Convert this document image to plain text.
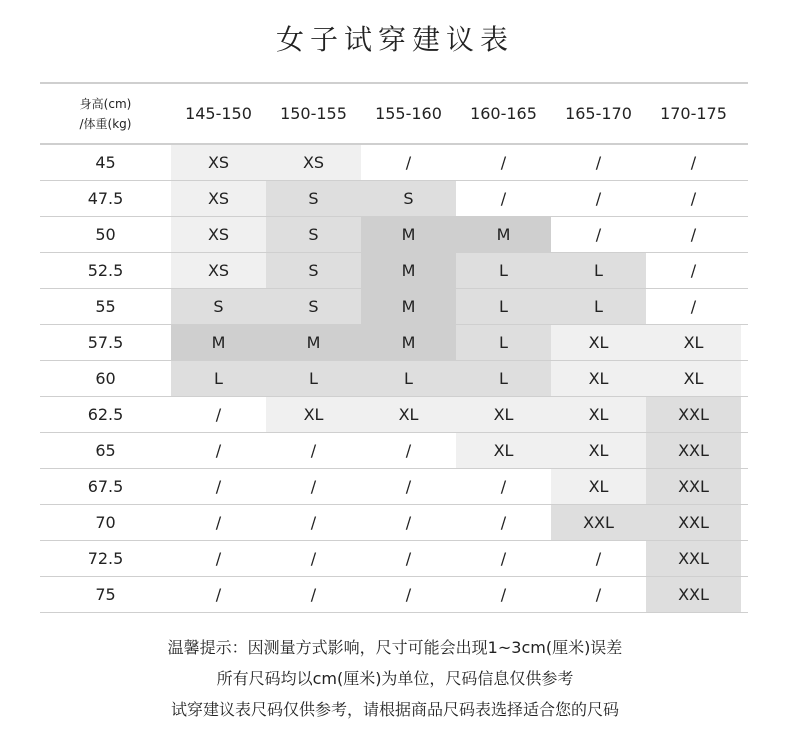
女子试穿建议表
身高(cm)
/体重(kg)
145-150	150-155	155-160	160-165	165-170	170-175
45	XS	XS	/	/	/	/
47.5	XS	S	S	/	/	/
50	XS	S	M	M	/	/
52.5	XS	S	M	L	L	/
55	S	S	M	L	L	/
57.5	M	M	M	L	XL	XL
60	L	L	L	L	XL	XL
62.5	/	XL	XL	XL	XL	XXL
65	/	/	/	XL	XL	XXL
67.5	/	/	/	/	XL	XXL
70	/	/	/	/	XXL	XXL
72.5	/	/	/	/	/	XXL
75	/	/	/	/	/	XXL
温馨提示：因测量方式影响，尺寸可能会出现1~3cm(厘米)误差
所有尺码均以cm(厘米)为单位，尺码信息仅供参考
试穿建议表尺码仅供参考，请根据商品尺码表选择适合您的尺码
